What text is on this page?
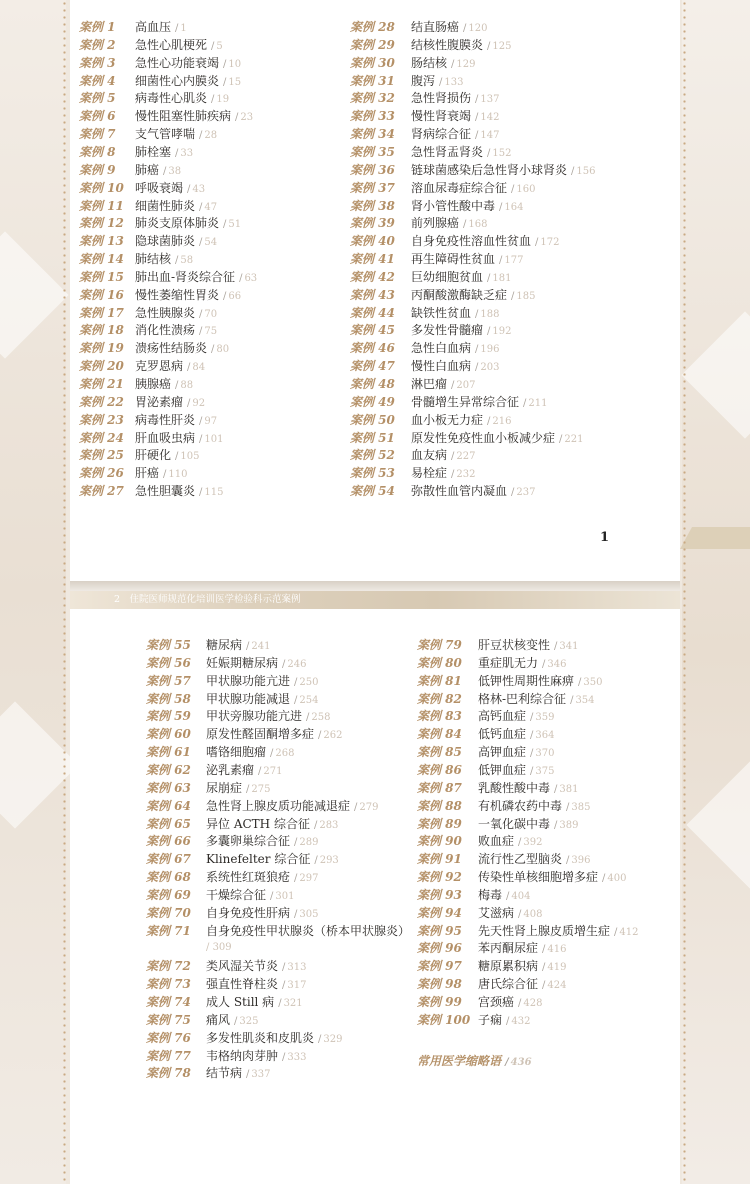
案例 1 高血压 / 1
案例 2 急性心肌梗死 / 5
案例 3 急性心功能衰竭 / 10
案例 4 细菌性心内膜炎 / 15
案例 5 病毒性心肌炎 / 19
案例 6 慢性阻塞性肺疾病 / 23
案例 7 支气管哮喘 / 28
案例 8 肺栓塞 / 33
案例 9 肺癌 / 38
案例 10 呼吸衰竭 / 43
案例 11 细菌性肺炎 / 47
案例 12 肺炎支原体肺炎 / 51
案例 13 隐球菌肺炎 / 54
案例 14 肺结核 / 58
案例 15 肺出血-肾炎综合征 / 63
案例 16 慢性萎缩性胃炎 / 66
案例 17 急性胰腺炎 / 70
案例 18 消化性溃疡 / 75
案例 19 溃疡性结肠炎 / 80
案例 20 克罗恩病 / 84
案例 21 胰腺癌 / 88
案例 22 胃泌素瘤 / 92
案例 23 病毒性肝炎 / 97
案例 24 肝血吸虫病 / 101
案例 25 肝硬化 / 105
案例 26 肝癌 / 110
案例 27 急性胆囊炎 / 115
案例 28 结直肠癌 / 120
案例 29 结核性腹膜炎 / 125
案例 30 肠结核 / 129
案例 31 腹泻 / 133
案例 32 急性肾损伤 / 137
案例 33 慢性肾衰竭 / 142
案例 34 肾病综合征 / 147
案例 35 急性肾盂肾炎 / 152
案例 36 链球菌感染后急性肾小球肾炎 / 156
案例 37 溶血尿毒症综合征 / 160
案例 38 肾小管性酸中毒 / 164
案例 39 前列腺癌 / 168
案例 40 自身免疫性溶血性贫血 / 172
案例 41 再生障碍性贫血 / 177
案例 42 巨幼细胞贫血 / 181
案例 43 丙酮酸激酶缺乏症 / 185
案例 44 缺铁性贫血 / 188
案例 45 多发性骨髓瘤 / 192
案例 46 急性白血病 / 196
案例 47 慢性白血病 / 203
案例 48 淋巴瘤 / 207
案例 49 骨髓增生异常综合征 / 211
案例 50 血小板无力症 / 216
案例 51 原发性免疫性血小板减少症 / 221
案例 52 血友病 / 227
案例 53 易栓症 / 232
案例 54 弥散性血管内凝血 / 237
1
2　住院医师规范化培训医学检验科示范案例
案例 55 糖尿病 / 241
案例 56 妊娠期糖尿病 / 246
案例 57 甲状腺功能亢进 / 250
案例 58 甲状腺功能减退 / 254
案例 59 甲状旁腺功能亢进 / 258
案例 60 原发性醛固酮增多症 / 262
案例 61 嗜铬细胞瘤 / 268
案例 62 泌乳素瘤 / 271
案例 63 尿崩症 / 275
案例 64 急性肾上腺皮质功能减退症 / 279
案例 65 异位 ACTH 综合征 / 283
案例 66 多囊卵巢综合征 / 289
案例 67 Klinefelter 综合征 / 293
案例 68 系统性红斑狼疮 / 297
案例 69 干燥综合征 / 301
案例 70 自身免疫性肝病 / 305
案例 71 自身免疫性甲状腺炎（桥本甲状腺炎）
/ 309
案例 72 类风湿关节炎 / 313
案例 73 强直性脊柱炎 / 317
案例 74 成人 Still 病 / 321
案例 75 痛风 / 325
案例 76 多发性肌炎和皮肌炎 / 329
案例 77 韦格纳肉芽肿 / 333
案例 78 结节病 / 337
案例 79 肝豆状核变性 / 341
案例 80 重症肌无力 / 346
案例 81 低钾性周期性麻痹 / 350
案例 82 格林-巴利综合征 / 354
案例 83 高钙血症 / 359
案例 84 低钙血症 / 364
案例 85 高钾血症 / 370
案例 86 低钾血症 / 375
案例 87 乳酸性酸中毒 / 381
案例 88 有机磷农药中毒 / 385
案例 89 一氧化碳中毒 / 389
案例 90 败血症 / 392
案例 91 流行性乙型脑炎 / 396
案例 92 传染性单核细胞增多症 / 400
案例 93 梅毒 / 404
案例 94 艾滋病 / 408
案例 95 先天性肾上腺皮质增生症 / 412
案例 96 苯丙酮尿症 / 416
案例 97 糖原累积病 / 419
案例 98 唐氏综合征 / 424
案例 99 宫颈癌 / 428
案例 100 子痫 / 432
常用医学缩略语 / 436
